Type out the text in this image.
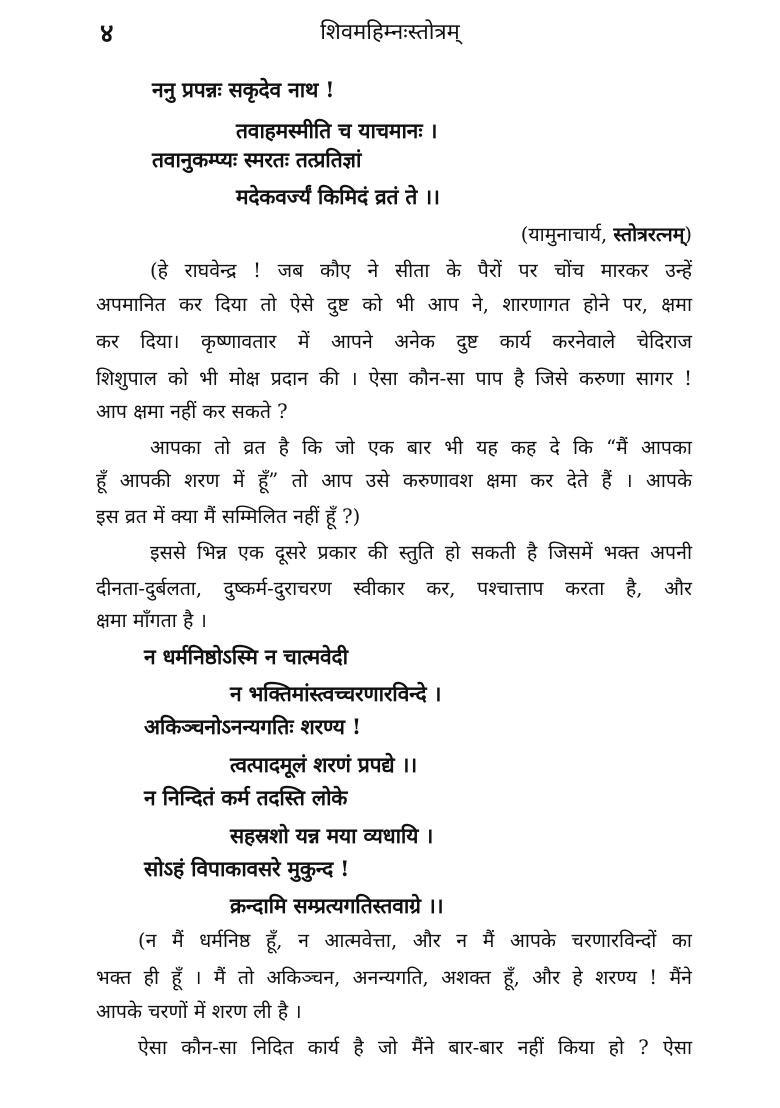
४	शिवमहिम्नःस्तोत्रम्
ननु प्रपन्नः सकृदेव नाथ !
तवाहमस्मीति च याचमानः ।
तवानुकम्प्यः स्मरतः तत्प्रतिज्ञां
मदेकवर्ज्यं किमिदं व्रतं ते ।।
(यामुनाचार्य, स्तोत्ररत्नम्)
(हे राघवेन्द्र ! जब कौए ने सीता के पैरों पर चोंच मारकर उन्हें
अपमानित कर दिया तो ऐसे दुष्ट को भी आप ने, शारणागत होने पर, क्षमा
कर दिया। कृष्णावतार में आपने अनेक दुष्ट कार्य करनेवाले चेदिराज
शिशुपाल को भी मोक्ष प्रदान की । ऐसा कौन-सा पाप है जिसे करुणा सागर !
आप क्षमा नहीं कर सकते ?
आपका तो व्रत है कि जो एक बार भी यह कह दे कि “मैं आपका
हूँ आपकी शरण में हूँ” तो आप उसे करुणावश क्षमा कर देते हैं । आपके
इस व्रत में क्या मैं सम्मिलित नहीं हूँ ?)
इससे भिन्न एक दूसरे प्रकार की स्तुति हो सकती है जिसमें भक्त अपनी
दीनता-दुर्बलता, दुष्कर्म-दुराचरण स्वीकार कर, पश्चात्ताप करता है, और
क्षमा माँगता है ।
न धर्मनिष्ठोऽस्मि न चात्मवेदी
न भक्तिमांस्त्वच्चरणारविन्दे ।
अकिञ्चनोऽनन्यगतिः शरण्य !
त्वत्पादमूलं शरणं प्रपद्ये ।।
न निन्दितं कर्म तदस्ति लोके
सहस्रशो यन्न मया व्यधायि ।
सोऽहं विपाकावसरे मुकुन्द !
क्रन्दामि सम्प्रत्यगतिस्तवाग्रे ।।
(न मैं धर्मनिष्ठ हूँ, न आत्मवेत्ता, और न मैं आपके चरणारविन्दों का
भक्त ही हूँ । मैं तो अकिञ्चन, अनन्यगति, अशक्त हूँ, और हे शरण्य ! मैंने
आपके चरणों में शरण ली है ।
ऐसा कौन-सा निदित कार्य है जो मैंने बार-बार नहीं किया हो ? ऐसा
